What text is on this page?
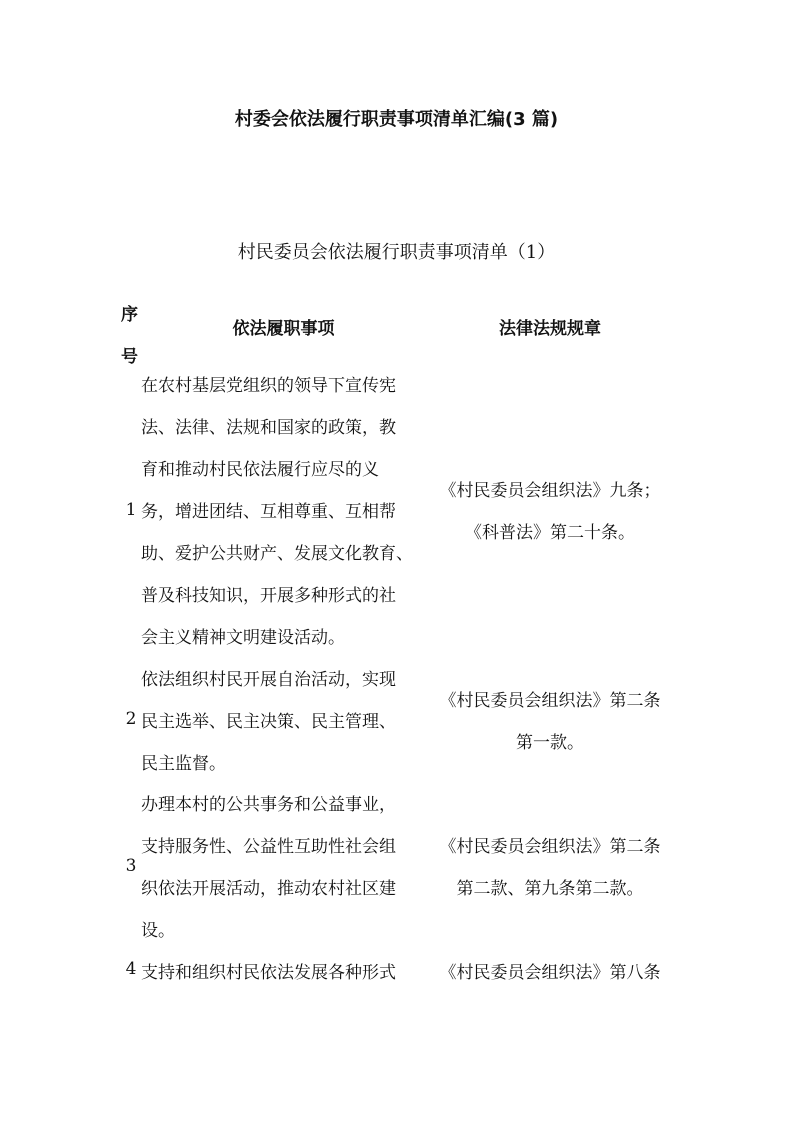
村委会依法履行职责事项清单汇编(3 篇)
村民委员会依法履行职责事项清单（1）
序
号
依法履职事项	法律法规规章
1
在农村基层党组织的领导下宣传宪
法、法律、法规和国家的政策，教
育和推动村民依法履行应尽的义
务，增进团结、互相尊重、互相帮
助、爱护公共财产、发展文化教育、
普及科技知识，开展多种形式的社
会主义精神文明建设活动。
《村民委员会组织法》九条；
《科普法》第二十条。
2
依法组织村民开展自治活动，实现
民主选举、民主决策、民主管理、
民主监督。
《村民委员会组织法》第二条
第一款。
3
办理本村的公共事务和公益事业，
支持服务性、公益性互助性社会组
织依法开展活动，推动农村社区建
设。
《村民委员会组织法》第二条
第二款、第九条第二款。
4 支持和组织村民依法发展各种形式	《村民委员会组织法》第八条
